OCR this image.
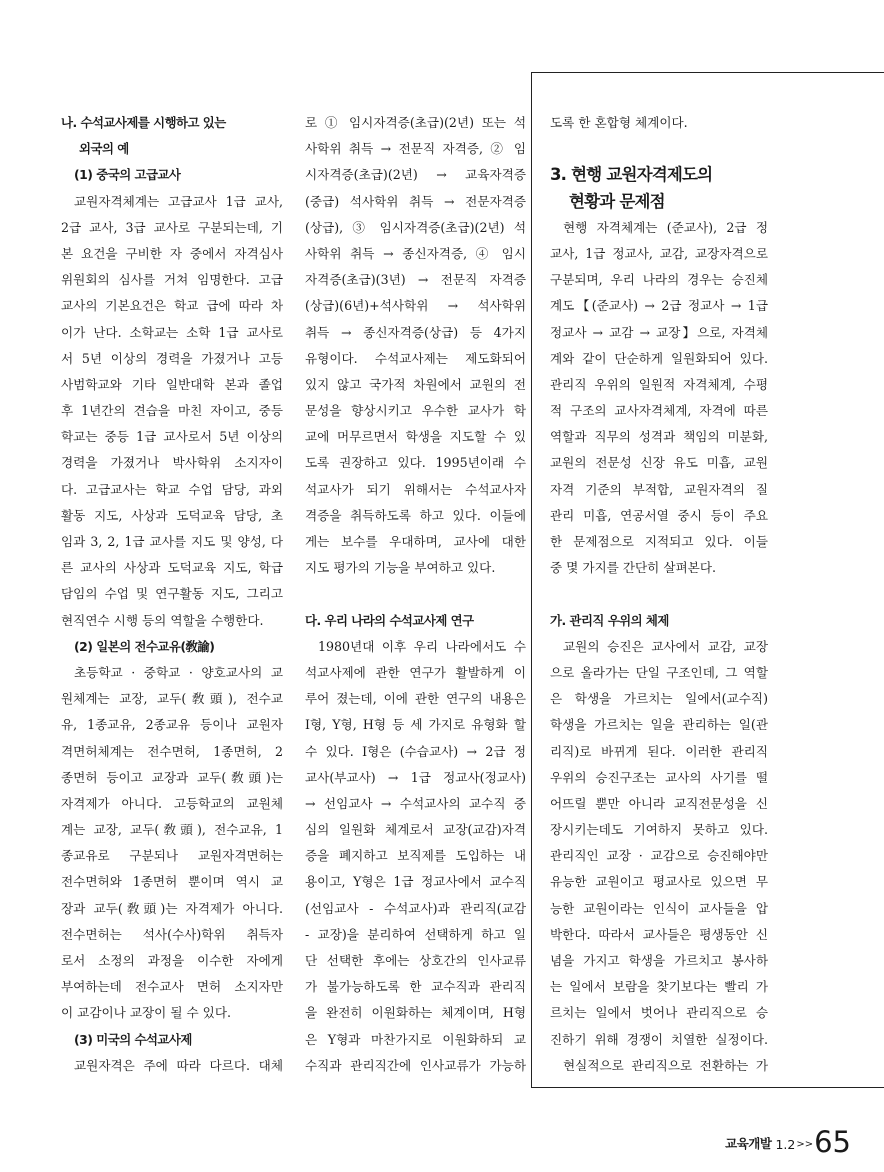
나. 수석교사제를 시행하고 있는
외국의 예
(1) 중국의 고급교사
교원자격체계는 고급교사 1급 교사,
2급 교사, 3급 교사로 구분되는데, 기
본 요건을 구비한 자 중에서 자격심사
위원회의 심사를 거쳐 임명한다. 고급
교사의 기본요건은 학교 급에 따라 차
이가 난다. 소학교는 소학 1급 교사로
서 5년 이상의 경력을 가졌거나 고등
사범학교와 기타 일반대학 본과 졸업
후 1년간의 견습을 마친 자이고, 중등
학교는 중등 1급 교사로서 5년 이상의
경력을 가졌거나 박사학위 소지자이
다. 고급교사는 학교 수업 담당, 과외
활동 지도, 사상과 도덕교육 담당, 초
임과 3, 2, 1급 교사를 지도 및 양성, 다
른 교사의 사상과 도덕교육 지도, 학급
담임의 수업 및 연구활동 지도, 그리고
현직연수 시행 등의 역할을 수행한다.
(2) 일본의 전수교유(敎諭)
초등학교 · 중학교 · 양호교사의 교
원체계는 교장, 교두(敎頭), 전수교
유, 1종교유, 2종교유 등이나 교원자
격면허체계는 전수면허, 1종면허, 2
종면허 등이고 교장과 교두(敎頭)는
자격제가 아니다. 고등학교의 교원체
계는 교장, 교두(敎頭), 전수교유, 1
종교유로 구분되나 교원자격면허는
전수면허와 1종면허 뿐이며 역시 교
장과 교두(敎頭)는 자격제가 아니다.
전수면허는 석사(수사)학위 취득자
로서 소정의 과정을 이수한 자에게
부여하는데 전수교사 면허 소지자만
이 교감이나 교장이 될 수 있다.
(3) 미국의 수석교사제
교원자격은 주에 따라 다르다. 대체
로 ① 임시자격증(초급)(2년) 또는 석
사학위 취득 → 전문직 자격증, ② 임
시자격증(초급)(2년) → 교육자격증
(중급) 석사학위 취득 → 전문자격증
(상급), ③ 임시자격증(초급)(2년) 석
사학위 취득 → 종신자격증, ④ 임시
자격증(초급)(3년) → 전문직 자격증
(상급)(6년)+석사학위 → 석사학위
취득 → 종신자격증(상급) 등 4가지
유형이다. 수석교사제는 제도화되어
있지 않고 국가적 차원에서 교원의 전
문성을 향상시키고 우수한 교사가 학
교에 머무르면서 학생을 지도할 수 있
도록 권장하고 있다. 1995년이래 수
석교사가 되기 위해서는 수석교사자
격증을 취득하도록 하고 있다. 이들에
게는 보수를 우대하며, 교사에 대한
지도 평가의 기능을 부여하고 있다.
다. 우리 나라의 수석교사제 연구
1980년대 이후 우리 나라에서도 수
석교사제에 관한 연구가 활발하게 이
루어 졌는데, 이에 관한 연구의 내용은
I형, Y형, H형 등 세 가지로 유형화 할
수 있다. I형은 (수습교사) → 2급 정
교사(부교사) → 1급 정교사(정교사)
→ 선임교사 → 수석교사의 교수직 중
심의 일원화 체계로서 교장(교감)자격
증을 폐지하고 보직제를 도입하는 내
용이고, Y형은 1급 정교사에서 교수직
(선임교사 - 수석교사)과 관리직(교감
- 교장)을 분리하여 선택하게 하고 일
단 선택한 후에는 상호간의 인사교류
가 불가능하도록 한 교수직과 관리직
을 완전히 이원화하는 체계이며, H형
은 Y형과 마찬가지로 이원화하되 교
수직과 관리직간에 인사교류가 가능하
도록 한 혼합형 체계이다.
3. 현행 교원자격제도의
현황과 문제점
현행 자격체계는 (준교사), 2급 정
교사, 1급 정교사, 교감, 교장자격으로
구분되며, 우리 나라의 경우는 승진체
계도【(준교사) → 2급 정교사 → 1급
정교사 → 교감 → 교장】으로, 자격체
계와 같이 단순하게 일원화되어 있다.
관리직 우위의 일원적 자격체계, 수평
적 구조의 교사자격체계, 자격에 따른
역할과 직무의 성격과 책임의 미분화,
교원의 전문성 신장 유도 미흡, 교원
자격 기준의 부적합, 교원자격의 질
관리 미흡, 연공서열 중시 등이 주요
한 문제점으로 지적되고 있다. 이들
중 몇 가지를 간단히 살펴본다.
가. 관리직 우위의 체제
교원의 승진은 교사에서 교감, 교장
으로 올라가는 단일 구조인데, 그 역할
은 학생을 가르치는 일에서(교수직)
학생을 가르치는 일을 관리하는 일(관
리직)로 바뀌게 된다. 이러한 관리직
우위의 승진구조는 교사의 사기를 떨
어뜨릴 뿐만 아니라 교직전문성을 신
장시키는데도 기여하지 못하고 있다.
관리직인 교장 · 교감으로 승진해야만
유능한 교원이고 평교사로 있으면 무
능한 교원이라는 인식이 교사들을 압
박한다. 따라서 교사들은 평생동안 신
념을 가지고 학생을 가르치고 봉사하
는 일에서 보람을 찾기보다는 빨리 가
르치는 일에서 벗어나 관리직으로 승
진하기 위해 경쟁이 치열한 실정이다.
현실적으로 관리직으로 전환하는 가
교육개발 1.2 >> 65
